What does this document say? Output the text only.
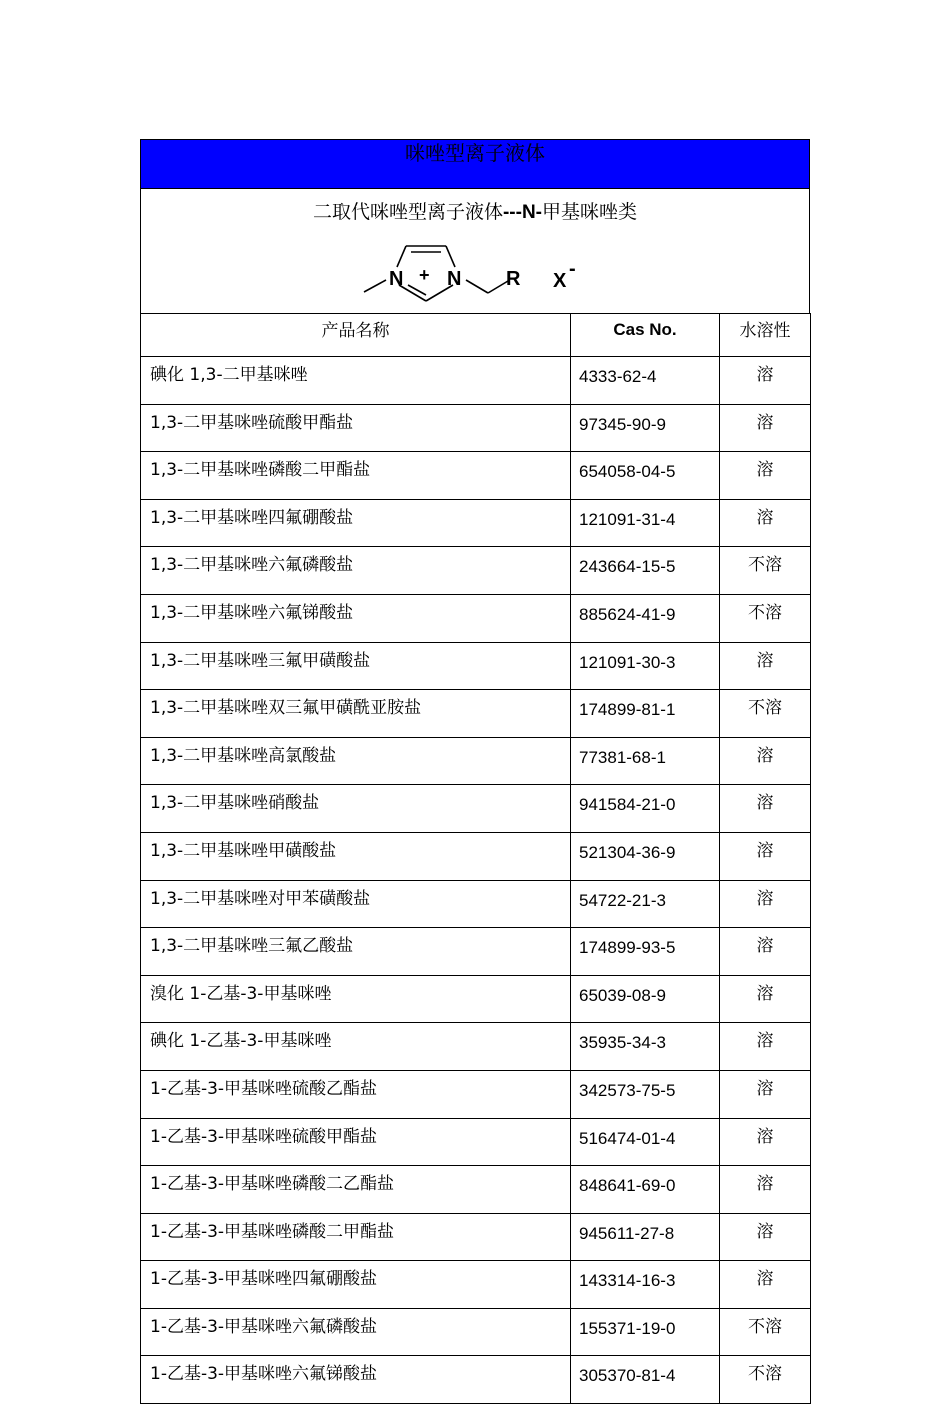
咪唑型离子液体
二取代咪唑型离子液体---N-甲基咪唑类
N + N R X
-
产品名称	Cas No.	水溶性
碘化 1,3-二甲基咪唑	4333-62-4	溶
1,3-二甲基咪唑硫酸甲酯盐	97345-90-9	溶
1,3-二甲基咪唑磷酸二甲酯盐	654058-04-5	溶
1,3-二甲基咪唑四氟硼酸盐	121091-31-4	溶
1,3-二甲基咪唑六氟磷酸盐	243664-15-5	不溶
1,3-二甲基咪唑六氟锑酸盐	885624-41-9	不溶
1,3-二甲基咪唑三氟甲磺酸盐	121091-30-3	溶
1,3-二甲基咪唑双三氟甲磺酰亚胺盐	174899-81-1	不溶
1,3-二甲基咪唑高氯酸盐	77381-68-1	溶
1,3-二甲基咪唑硝酸盐	941584-21-0	溶
1,3-二甲基咪唑甲磺酸盐	521304-36-9	溶
1,3-二甲基咪唑对甲苯磺酸盐	54722-21-3	溶
1,3-二甲基咪唑三氟乙酸盐	174899-93-5	溶
溴化 1-乙基-3-甲基咪唑	65039-08-9	溶
碘化 1-乙基-3-甲基咪唑	35935-34-3	溶
1-乙基-3-甲基咪唑硫酸乙酯盐	342573-75-5	溶
1-乙基-3-甲基咪唑硫酸甲酯盐	516474-01-4	溶
1-乙基-3-甲基咪唑磷酸二乙酯盐	848641-69-0	溶
1-乙基-3-甲基咪唑磷酸二甲酯盐	945611-27-8	溶
1-乙基-3-甲基咪唑四氟硼酸盐	143314-16-3	溶
1-乙基-3-甲基咪唑六氟磷酸盐	155371-19-0	不溶
1-乙基-3-甲基咪唑六氟锑酸盐	305370-81-4	不溶
